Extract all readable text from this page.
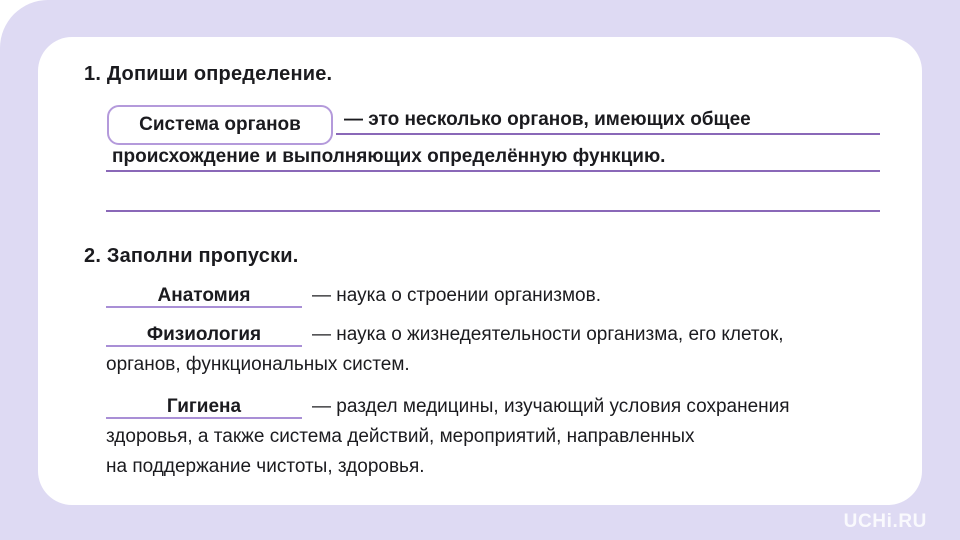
1. Допиши определение.
Система органов	— это несколько органов, имеющих общее
происхождение и выполняющих определённую функцию.
2. Заполни пропуски.
Анатомия	— наука о строении организмов.
Физиология	— наука о жизнедеятельности организма, его клеток,
органов, функциональных систем.
Гигиена	— раздел медицины, изучающий условия сохранения
здоровья, а также система действий, мероприятий, направленных
на поддержание чистоты, здоровья.
UCHi.RU
